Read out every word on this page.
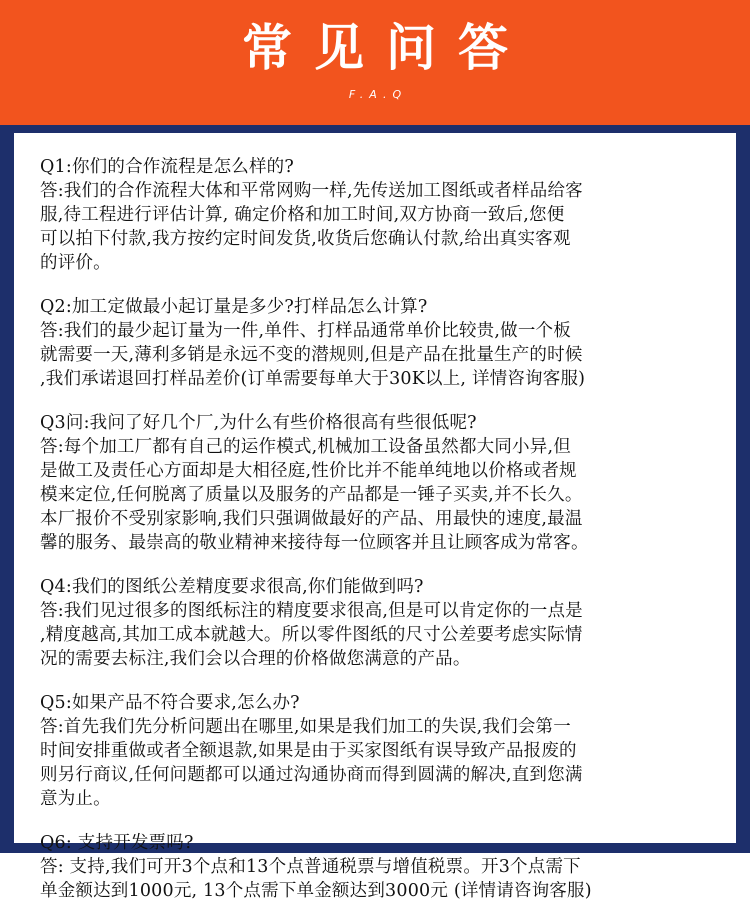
常见问答
F.A.Q
Q1:你们的合作流程是怎么样的?
答:我们的合作流程大体和平常网购一样,先传送加工图纸或者样品给客
服,待工程进行评估计算, 确定价格和加工时间,双方协商一致后,您便
可以拍下付款,我方按约定时间发货,收货后您确认付款,给出真实客观
的评价。
Q2:加工定做最小起订量是多少?打样品怎么计算?
答:我们的最少起订量为一件,单件、打样品通常单价比较贵,做一个板
就需要一天,薄利多销是永远不变的潜规则,但是产品在批量生产的时候
,我们承诺退回打样品差价(订单需要每单大于30K以上, 详情咨询客服)
Q3问:我问了好几个厂,为什么有些价格很高有些很低呢?
答:每个加工厂都有自己的运作模式,机械加工设备虽然都大同小异,但
是做工及责任心方面却是大相径庭,性价比并不能单纯地以价格或者规
模来定位,任何脱离了质量以及服务的产品都是一锤子买卖,并不长久。
本厂报价不受别家影响,我们只强调做最好的产品、用最快的速度,最温
馨的服务、最崇高的敬业精神来接待每一位顾客并且让顾客成为常客。
Q4:我们的图纸公差精度要求很高,你们能做到吗?
答:我们见过很多的图纸标注的精度要求很高,但是可以肯定你的一点是
,精度越高,其加工成本就越大。所以零件图纸的尺寸公差要考虑实际情
况的需要去标注,我们会以合理的价格做您满意的产品。
Q5:如果产品不符合要求,怎么办?
答:首先我们先分析问题出在哪里,如果是我们加工的失误,我们会第一
时间安排重做或者全额退款,如果是由于买家图纸有误导致产品报废的
则另行商议,任何问题都可以通过沟通协商而得到圆满的解决,直到您满
意为止。
Q6: 支持开发票吗?
答: 支持,我们可开3个点和13个点普通税票与增值税票。开3个点需下
单金额达到1000元, 13个点需下单金额达到3000元 (详情请咨询客服)
